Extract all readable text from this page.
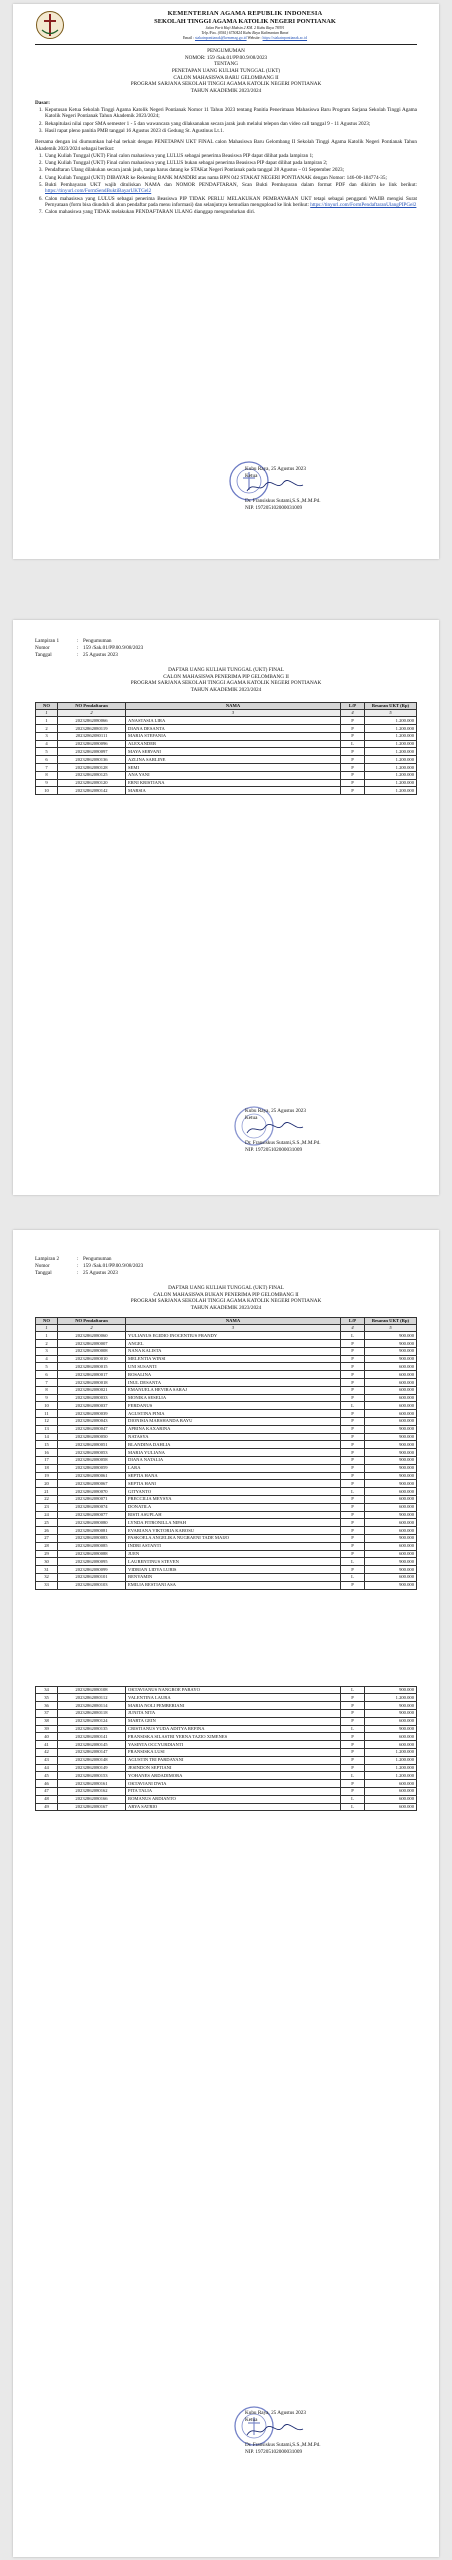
KEMENTERIAN AGAMA REPUBLIK INDONESIA
SEKOLAH TINGGI AGAMA KATOLIK NEGERI PONTIANAK
Jalan Parit Haji Muksin 2 KM. 2 Kubu Raya 78391
Telp./Fax. (0561) 6750424 Kubu Raya Kalimantan Barat
Email : stakatnpontianak@kemenag.go.id Website : https://stakatnpontianak.ac.id
PENGUMUMAN
NOMOR: 159 /Sak.01/PP.00.9/08/2023
TENTANG
PENETAPAN UANG KULIAH TUNGGAL (UKT)
CALON MAHASISWA BARU GELOMBANG II
PROGRAM SARJANA SEKOLAH TINGGI AGAMA KATOLIK NEGERI PONTIANAK
TAHUN AKADEMIK 2023/2024
Dasar:
1. Keputusan Ketua Sekolah Tinggi Agama Katolik Negeri Pontianak Nomor 11 Tahun 2023 tentang Panitia Penerimaan Mahasiswa Baru Program Sarjana Sekolah Tinggi Agama Katolik Negeri Pontianak Tahun Akademik 2023/2024;
2. Rekapitulasi nilai rapor SMA semester 1 - 5 dan wawancara yang dilaksanakan secara jarak jauh melalui telepon dan video call tanggal 9 - 11 Agustus 2023;
3. Hasil rapat pleno panitia PMB tanggal 16 Agustus 2023 di Gedung St. Agustinus Lt.1.
Bersama dengan ini diumumkan hal-hal terkait dengan PENETAPAN UKT FINAL calon Mahasiswa Baru Gelombang II Sekolah Tinggi Agama Katolik Negeri Pontianak Tahun Akademik 2023/2024 sebagai berikut:
1. Uang Kuliah Tunggal (UKT) Final calon mahasiswa yang LULUS sebagai penerima Beasiswa PIP dapat dilihat pada lampiran 1;
2. Uang Kuliah Tunggal (UKT) Final calon mahasiswa yang LULUS bukan sebagai penerima Beasiswa PIP dapat dilihat pada lampiran 2;
3. Pendaftaran Ulang dilakukan secara jarak jauh, tanpa harus datang ke STAKat Negeri Pontianak pada tanggal 28 Agustus – 01 September 2023;
4. Uang Kuliah Tunggal (UKT) DIBAYAR ke Rekening BANK MANDIRI atas nama BPN 042 STAKAT NEGERI PONTIANAK dengan Nomor: 146-00-184774-35;
5. Bukti Pembayaran UKT wajib dituliskan NAMA dan NOMOR PENDAFTARAN, Scan Bukti Pembayaran dalam format PDF dan dikirim ke link berikut: https://tinyurl.com/FormSendBuktiBayarUKTGel2
6. Calon mahasiswa yang LULUS sebagai penerima Beasiswa PIP TIDAK PERLU MELAKUKAN PEMBAYARAN UKT tetapi sebagai pengganti WAJIB mengisi Surat Pernyataan (form bisa diunduh di akun pendaftar pada menu informasi) dan selanjutnya kemudian mengupload ke link berikut: https://tinyurl.com/FormPendaftaranUlangPIPGel2
7. Calon mahasiswa yang TIDAK melakukan PENDAFTARAN ULANG dianggap mengundurkan diri.
Kubu Raya, 25 Agustus 2023
Ketua
Dr. Fransiskus Sutami,S.S.,M.M.Pd.
NIP. 197205102000031009
Lampiran 1	: Pengumuman
Nomor	: 159 /Sak.01/PP.00.9/08/2023
Tanggal	: 25 Agustus 2023
DAFTAR UANG KULIAH TUNGGAL (UKT) FINAL
CALON MAHASISWA PENERIMA PIP GELOMBANG II
PROGRAM SARJANA SEKOLAH TINGGI AGAMA KATOLIK NEGERI PONTIANAK
TAHUN AKADEMIK 2023/2024
NO	NO Pendaftaran	NAMA	L/P	Besaran UKT (Rp)
1	2	3	4	5
1	20232862080066	ANASTASIA LIRA	P	1.200.000
2	20232862080119	DIANA DESANTA	P	1.200.000
3	20232862080111	MARIA STEFANIA	P	1.200.000
4	20232862080096	ALEXANDER	L	1.200.000
5	20232862080097	MAYA SERVANI	P	1.200.000
6	20232862080136	AZLINA SARLINE	P	1.200.000
7	20232862080128	SEMI	P	1.200.000
8	20232862080125	ANA YANI	P	1.200.000
9	20232862080120	ERNI KRISTIANA	P	1.200.000
10	20232862080142	MARSIA	P	1.200.000
Kubu Raya, 25 Agustus 2023
Ketua
Dr. Fransiskus Sutami,S.S.,M.M.Pd.
NIP. 197205102000031009
Lampiran 2	: Pengumuman
Nomor	: 159 /Sak.01/PP.00.9/08/2023
Tanggal	: 25 Agustus 2023
DAFTAR UANG KULIAH TUNGGAL (UKT) FINAL
CALON MAHASISWA BUKAN PENERIMA PIP GELOMBANG II
PROGRAM SARJANA SEKOLAH TINGGI AGAMA KATOLIK NEGERI PONTIANAK
TAHUN AKADEMIK 2023/2024
NO	NO Pendaftaran	NAMA	L/P	Besaran UKT (Rp)
1	2	3	4	5
1	20232862080060	YULIANUS EGIDIO INOCENTIUS FRANDY	L	900.000
2	20232862080007	ANGEL	P	900.000
3	20232862080008	NANA KALISTA	P	900.000
4	20232862080010	MELENTIA WINSI	P	900.000
5	20232862080015	UNI SUSANTI	P	600.000
6	20232862080017	ROSALINA	P	600.000
7	20232862080018	INUL DESANTA	P	600.000
8	20232862080021	EMANUELA HEVIRA SARAJ	P	600.000
9	20232862080033	MONIKA SESELIA	P	600.000
10	20232862080037	FERDANUS	L	600.000
11	20232862080039	AGUSTINA PINIA	P	600.000
12	20232862080043	DIONISIA MARSHANDA BAYU	P	600.000
13	20232862080047	APRINA KAXARINA	P	900.000
14	20232862080050	NATASYA	P	900.000
15	20232862080051	BLANDINA DAHLIA	P	900.000
16	20232862080053	MARIA YULIANA	P	900.000
17	20232862080058	DIANA NATALIA	P	900.000
18	20232862080059	LARA	P	900.000
19	20232862080061	SEPTIA HANA	P	900.000
20	20232862080067	SEPTIA HANI	P	900.000
21	20232862080070	GITYANTO	L	600.000
22	20232862080071	PRECCILIA MEYSYA	P	600.000
23	20232862080074	DONATILA	P	600.000
24	20232862080077	RISTI ASUPLAH	P	900.000
25	20232862080080	LYNDA FITRONILLA NIPAH	P	600.000
26	20232862080081	EVARIANA VIKTORIA KABOSU	P	600.000
27	20232862080083	PASKOELA ANGELIKA NUGRAENI TADE MAIJO	P	900.000
28	20232862080085	INDRI ASTANTI	P	600.000
29	20232862080088	JUEN	P	600.000
30	20232862080095	LAURENTINUS STEVEN	L	900.000
31	20232862080099	VIDRIAN LIDYA LUBIS	P	900.000
32	20232862080101	BENYAMIN	L	600.000
33	20232862080103	EMILIA RESTIANI ASA	P	900.000
34	20232862080108	OKTAVIANUS NANGROE PABAYO	L	900.000
35	20232862080112	VALENTINA LAURA	P	1.200.000
36	20232862080114	MARIA NOLI PEMBERIANI	P	900.000
37	20232862080118	JUNITA NITA	P	900.000
38	20232862080124	MARTA GEIN	P	600.000
39	20232862080135	CRISTIANUS YUDA ADITYA REFINA	L	900.000
40	20232862080141	FRANSISKA SILASTRI YERNA TAZIO XIMENES	P	600.000
41	20232862080145	YASINTA OCCYURDIANTI	P	600.000
42	20232862080147	FRANSISKA LUSI	P	1.200.000
43	20232862080148	AGUSTIN TRI PARDAYANI	P	1.200.000
44	20232862080149	JESINDON SEPTIANI	P	1.200.000
45	20232862080153	YOHANES ARDADIMORA	L	1.200.000
46	20232862080161	OKTAVIANI DWIA	P	600.000
47	20232862080162	PITA TALIA	P	600.000
48	20232862080166	ROMANUS ARDIANTO	L	600.000
49	20232862080167	ARYA SATRIO	L	600.000
Kubu Raya, 25 Agustus 2023
Ketua
Dr. Fransiskus Sutami,S.S.,M.M.Pd.
NIP. 197205102000031009
